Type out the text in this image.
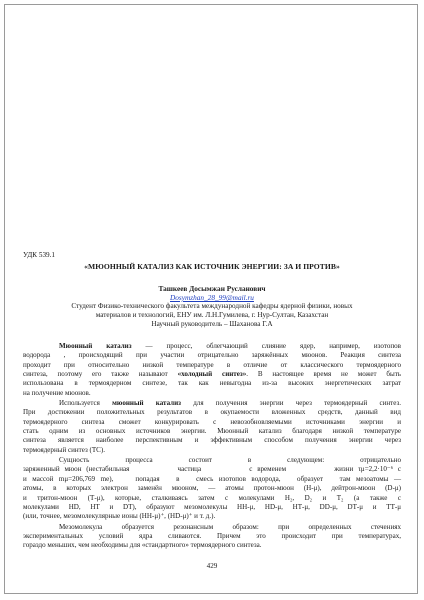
УДК 539.1
«МЮОННЫЙ КАТАЛИЗ КАК ИСТОЧНИК ЭНЕРГИИ: ЗА И ПРОТИВ»
Ташкеев Досымжан Русланович
Dosymzhan_28_99@mail.ru
Студент Физико-технического факультета международной кафедры ядерной физики, новых
материалов и технологий, ЕНУ им. Л.Н.Гумилева, г. Нур-Султан, Казахстан
Научный руководитель – Шаханова Г.А
Мюонный катализ — процесс, облегчающий слияние ядер, например, изотопов
водорода , происходящий при участии отрицательно заряжённых мюонов. Реакция синтеза
проходит при относительно низкой температуре в отличие от классического термоядерного
синтеза, поэтому его также называют «холодный синтез». В настоящее время не может быть
использована в термоядерном синтезе, так как невыгодна из-за высоких энергетических затрат
на получение мюонов.
Используется мюонный катализ для получения энергии через термоядерный синтез.
При достижении положительных результатов в окупаемости вложенных средств, данный вид
термоядерного синтеза сможет конкурировать с невозобновляемыми источниками энергии и
стать одним из основных источников энергии. Мюонный катализ благодаря низкой температуре
синтеза является наиболее перспективным и эффективным способом получения энергии через
термоядерный синтез (ТС).
Сущность          процесса          состоит          в          следующем:          отрицательно
заряженный мюон (нестабильная          частица          с временем          жизни τμ=2,2·10⁻⁶ с
и массой mμ=206,769 mе),    попадая   в   смесь изотопов водорода,   образует   там мезоатомы —
атомы, в которых электрон заменён мюоном, — атомы протон-мюон (Н-μ), дейтрон-мюон (D-μ)
и тритон-мюон (Т-μ), которые, сталкиваясь затем с молекулами Н₂, D₂ и Т₂ (а также с
молекулами НD, НТ и DТ), образуют мезомолекулы НН-μ, НD-μ, НТ-μ, DD-μ, DТ-μ и ТТ-μ
(или, точнее, мезомолекулярные ионы (НН-μ)⁺, (НD-μ)⁺ и т. д.).
Мезомолекула образуется резонансным образом: при определенных стечениях
экспериментальных условий ядра сливаются. Причем это происходит при температурах,
гораздо меньших, чем необходимы для «стандартного» термоядерного синтеза.
429
